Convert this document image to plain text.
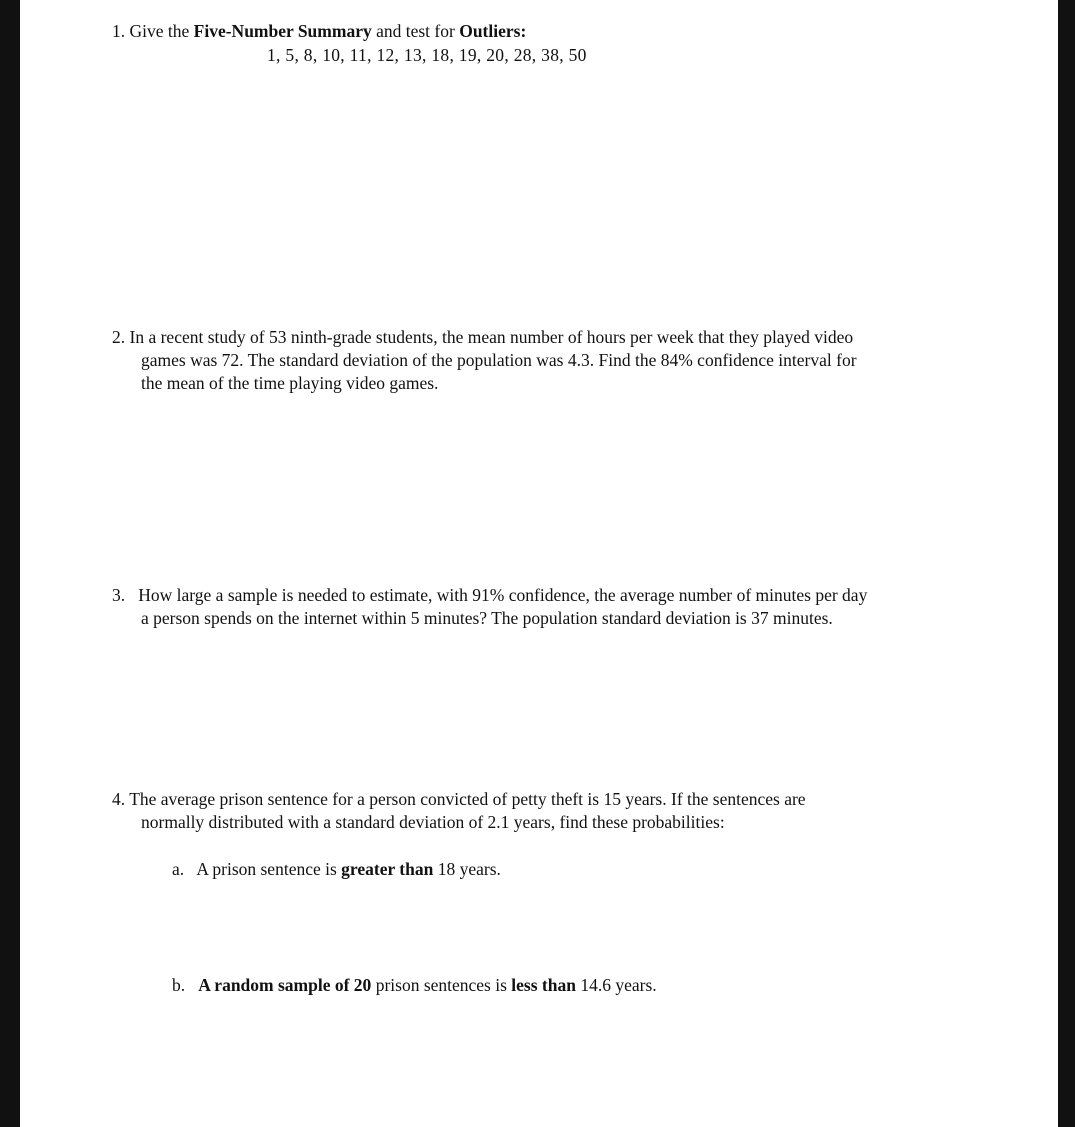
1. Give the Five-Number Summary and test for Outliers:
1, 5, 8, 10, 11, 12, 13, 18, 19, 20, 28, 38, 50
2. In a recent study of 53 ninth-grade students, the mean number of hours per week that they played video
games was 72. The standard deviation of the population was 4.3. Find the 84% confidence interval for
the mean of the time playing video games.
3. How large a sample is needed to estimate, with 91% confidence, the average number of minutes per day
a person spends on the internet within 5 minutes? The population standard deviation is 37 minutes.
4. The average prison sentence for a person convicted of petty theft is 15 years. If the sentences are
normally distributed with a standard deviation of 2.1 years, find these probabilities:
a. A prison sentence is greater than 18 years.
b. A random sample of 20 prison sentences is less than 14.6 years.
